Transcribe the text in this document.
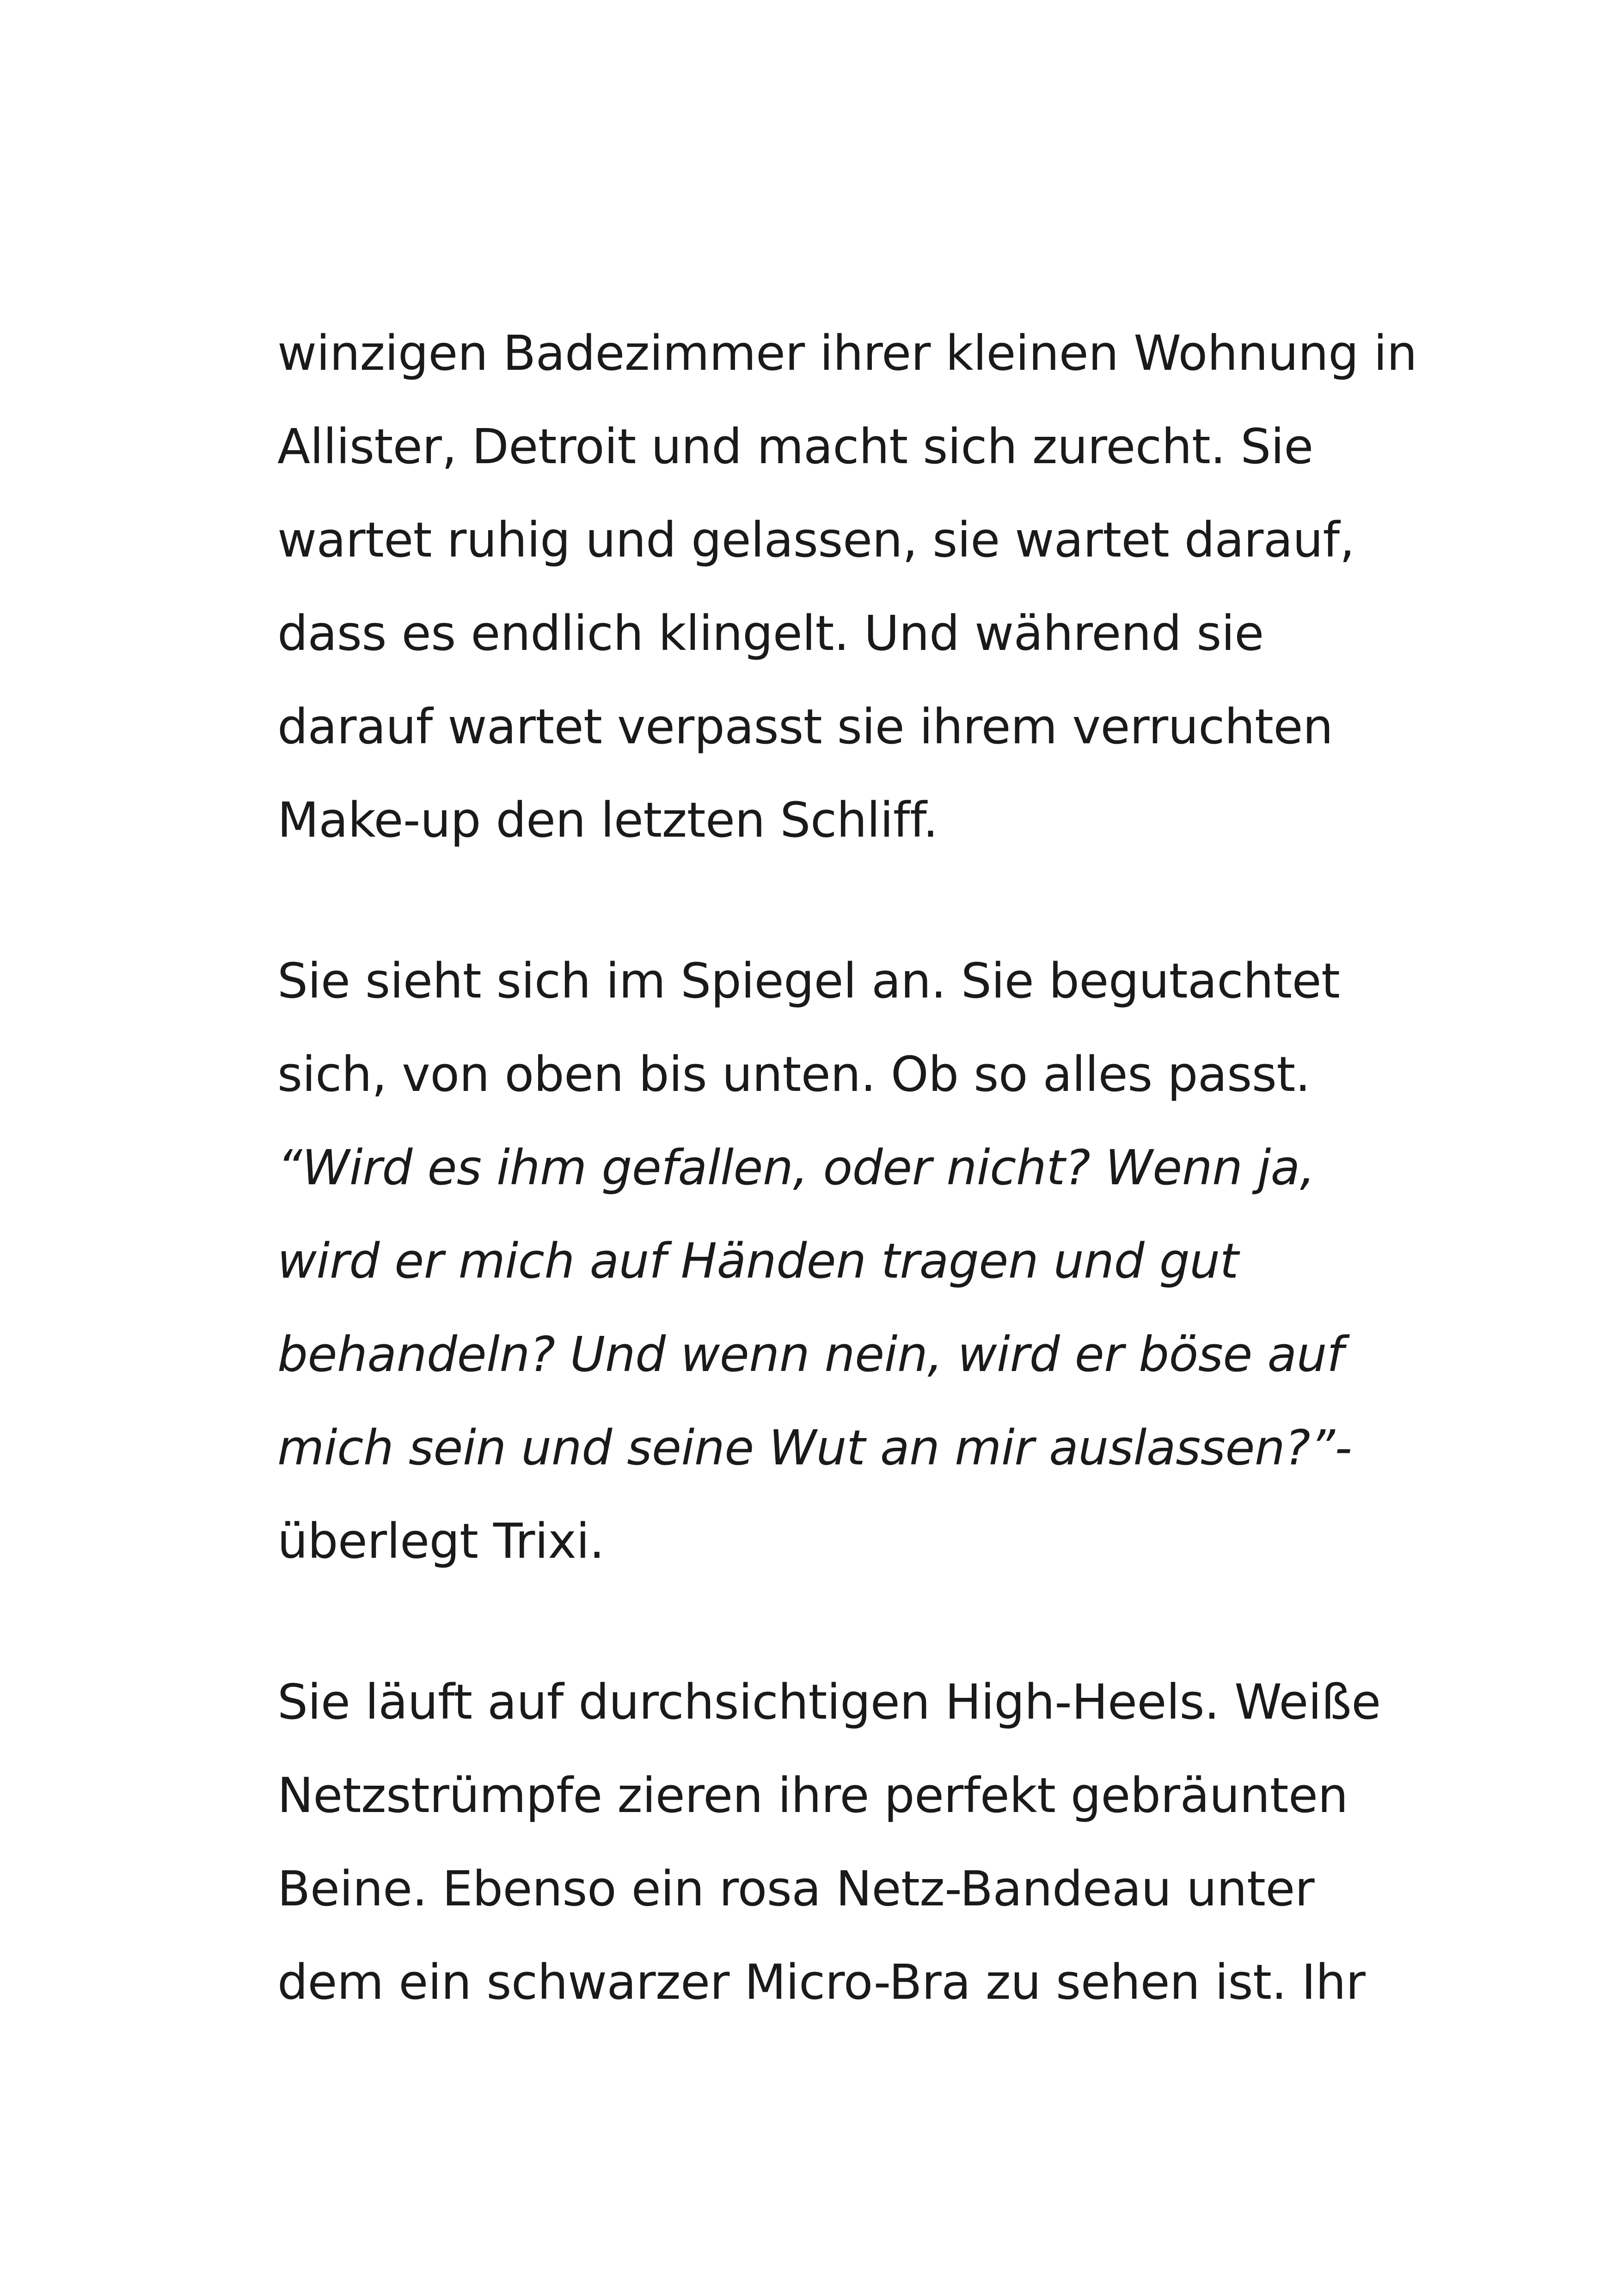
winzigen Badezimmer ihrer kleinen Wohnung in
Allister, Detroit und macht sich zurecht. Sie
wartet ruhig und gelassen, sie wartet darauf,
dass es endlich klingelt. Und während sie
darauf wartet verpasst sie ihrem verruchten
Make-up den letzten Schliff.
Sie sieht sich im Spiegel an. Sie begutachtet
sich, von oben bis unten. Ob so alles passt.
“Wird es ihm gefallen, oder nicht? Wenn ja,
wird er mich auf Händen tragen und gut
behandeln? Und wenn nein, wird er böse auf
mich sein und seine Wut an mir auslassen?”-
überlegt Trixi.
Sie läuft auf durchsichtigen High-Heels. Weiße
Netzstrümpfe zieren ihre perfekt gebräunten
Beine. Ebenso ein rosa Netz-Bandeau unter
dem ein schwarzer Micro-Bra zu sehen ist. Ihr
